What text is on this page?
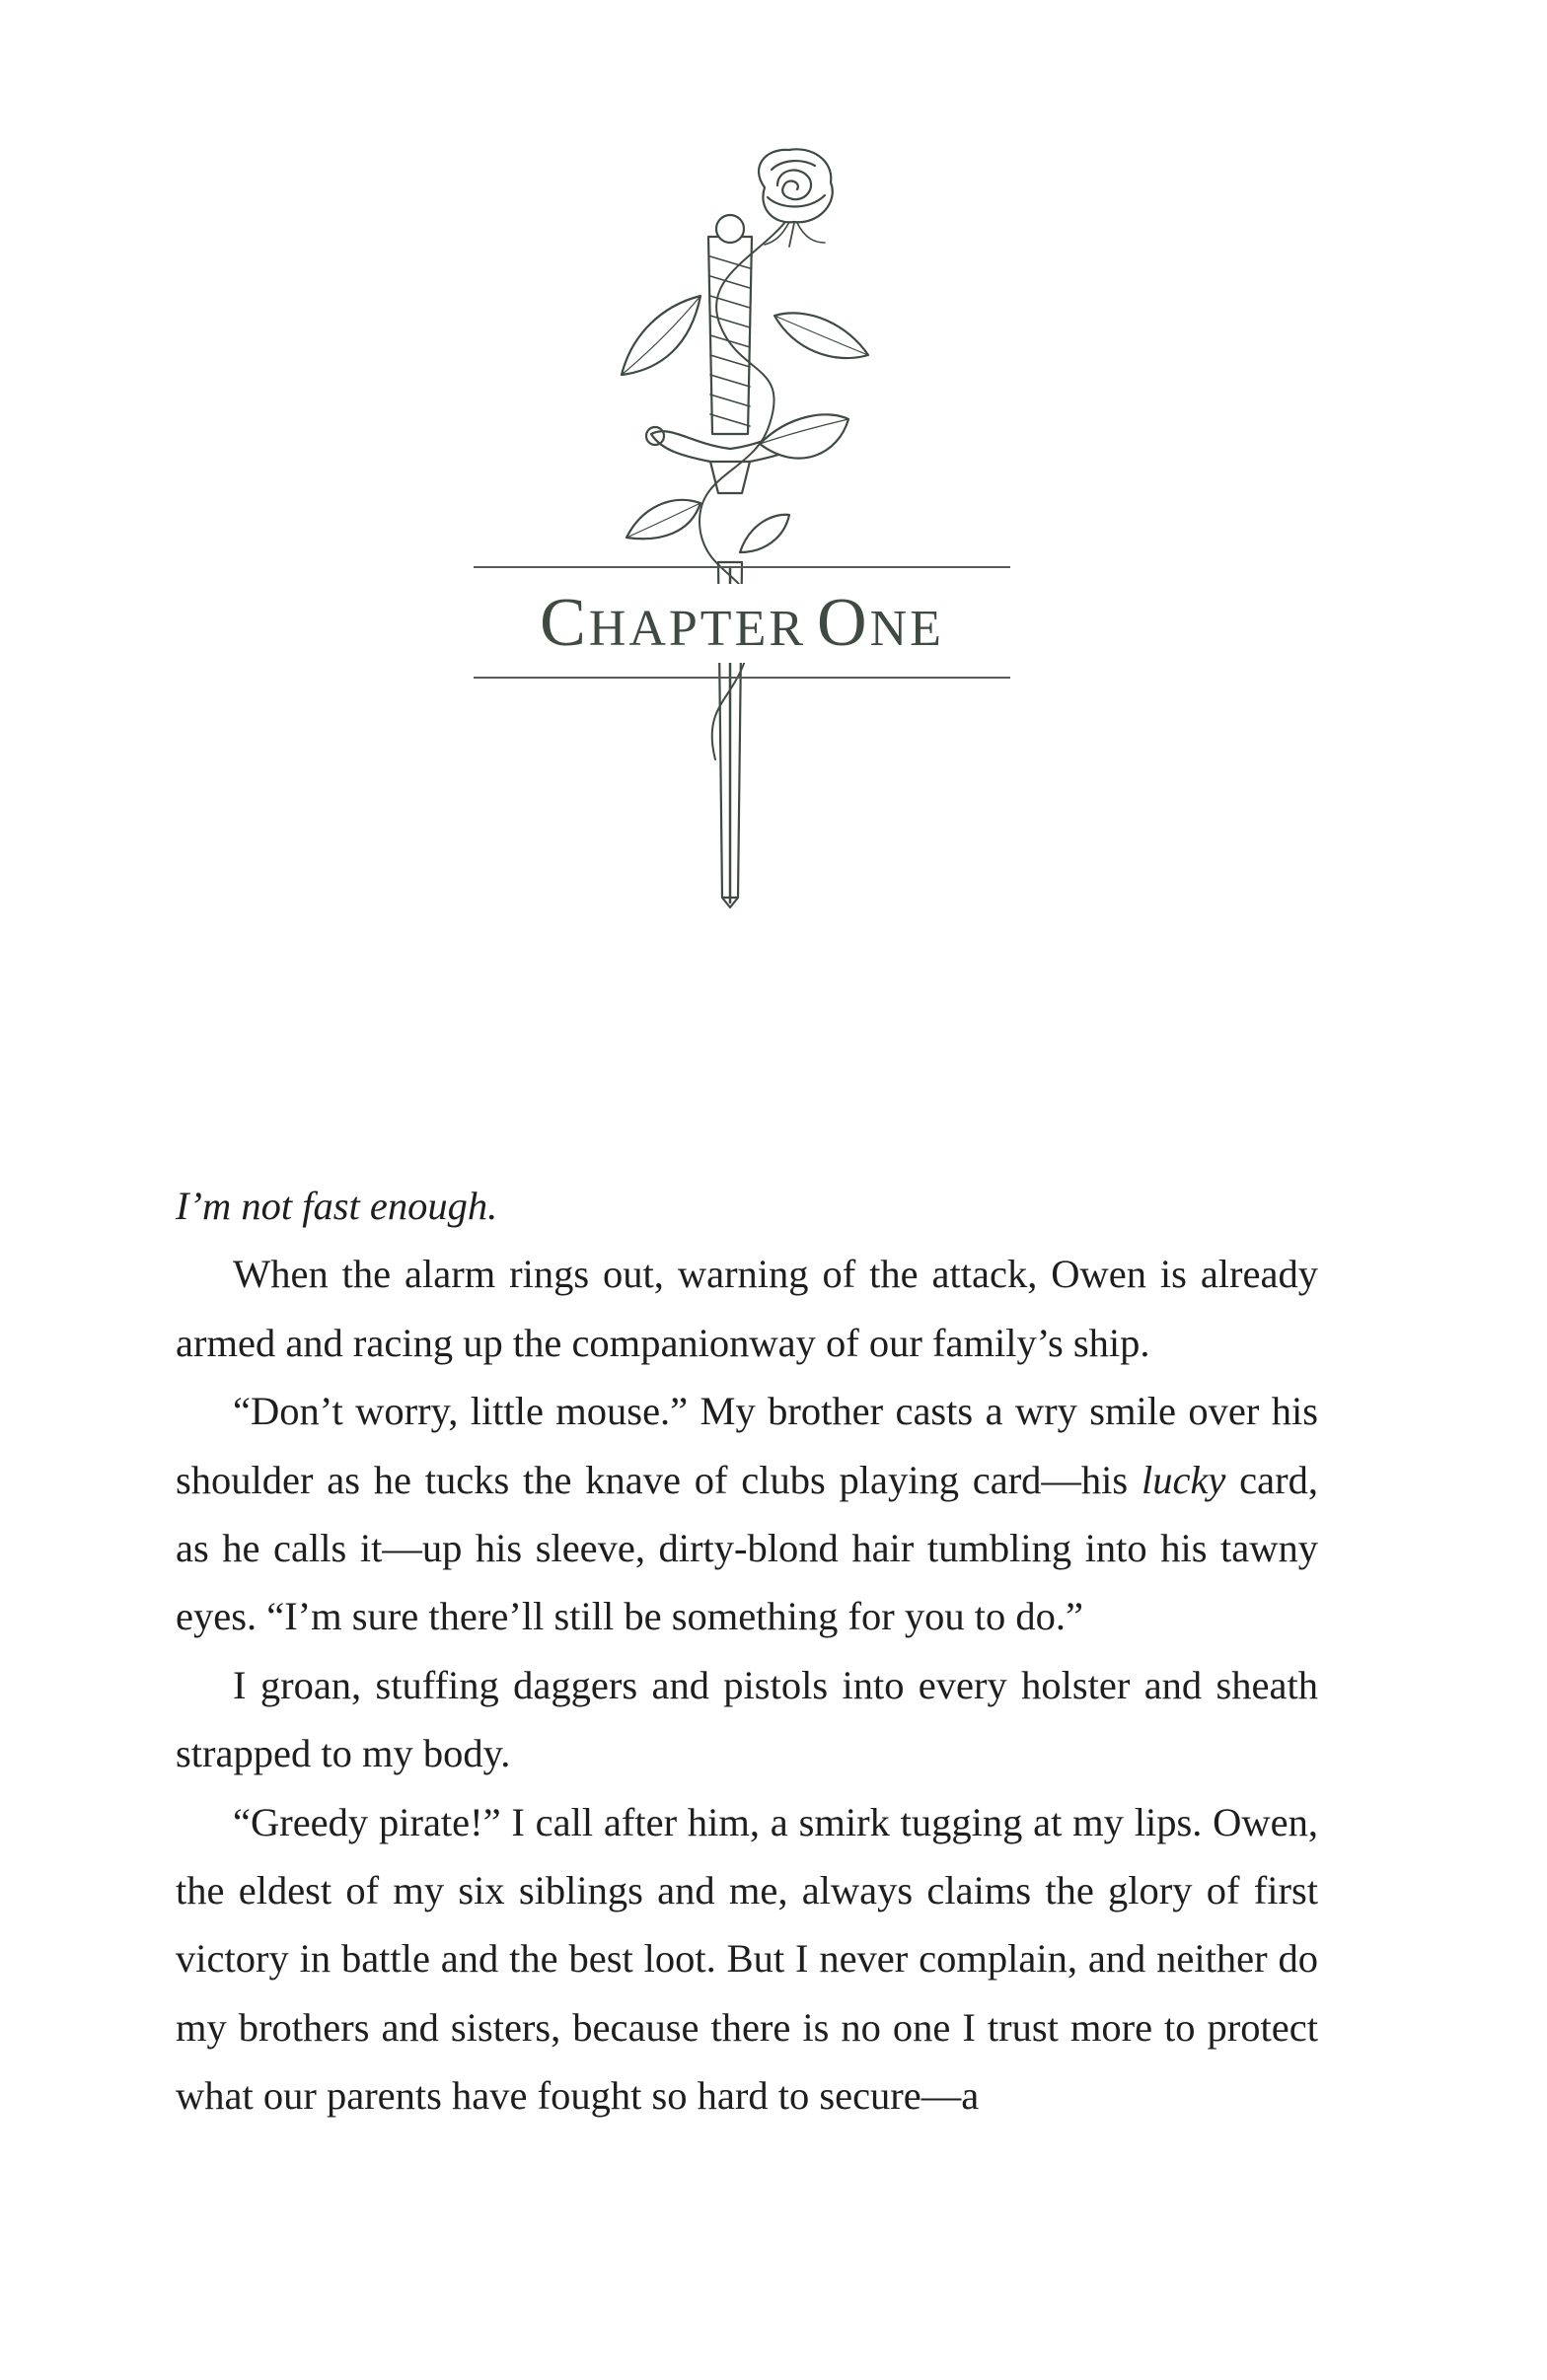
CHAPTER ONE

I’m not fast enough.

When the alarm rings out, warning of the attack, Owen is already armed and racing up the companionway of our family’s ship.

“Don’t worry, little mouse.” My brother casts a wry smile over his shoulder as he tucks the knave of clubs playing card—his lucky card, as he calls it—up his sleeve, dirty-blond hair tumbling into his tawny eyes. “I’m sure there’ll still be something for you to do.”

I groan, stuffing daggers and pistols into every holster and sheath strapped to my body.

“Greedy pirate!” I call after him, a smirk tugging at my lips. Owen, the eldest of my six siblings and me, always claims the glory of first victory in battle and the best loot. But I never complain, and neither do my brothers and sisters, because there is no one I trust more to protect what our parents have fought so hard to secure—a
